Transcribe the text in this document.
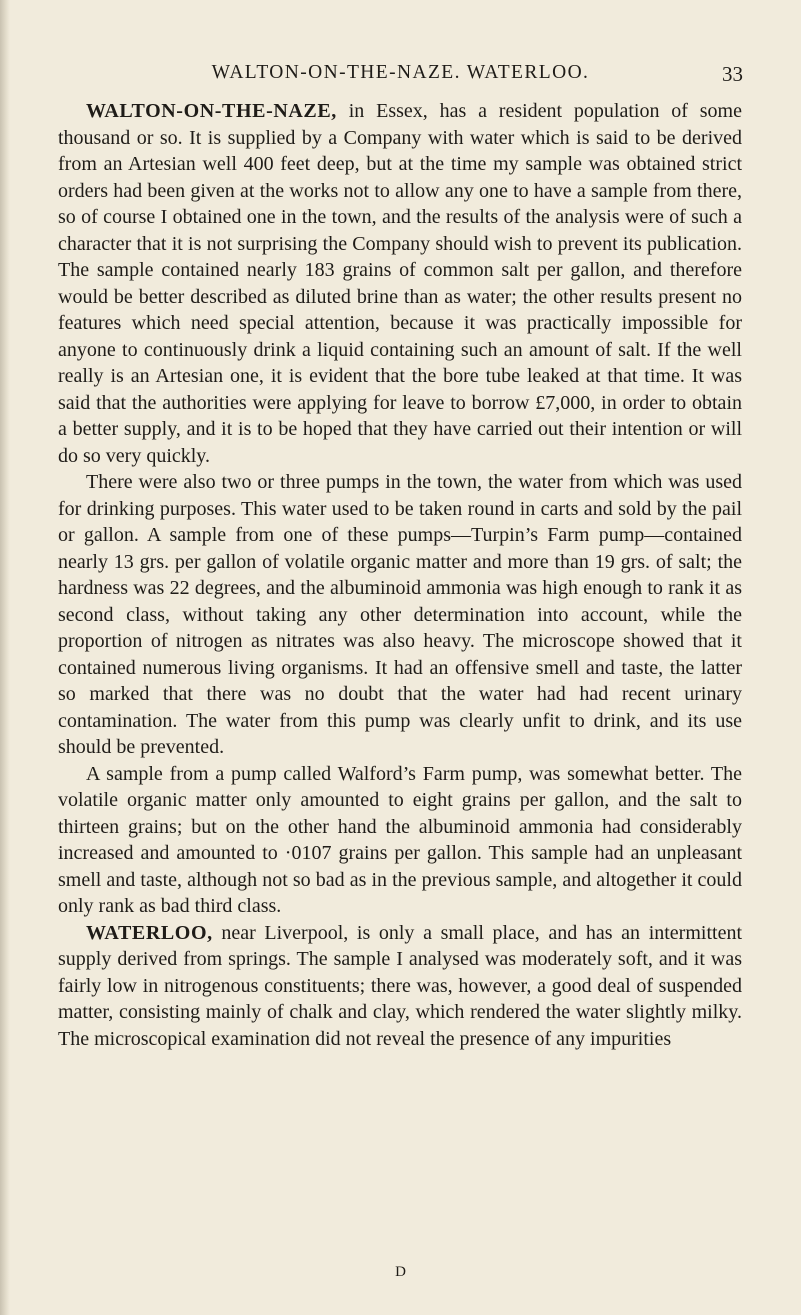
WALTON-ON-THE-NAZE. WATERLOO.	33

WALTON-ON-THE-NAZE, in Essex, has a resident population of some thousand or so. It is supplied by a Company with water which is said to be derived from an Artesian well 400 feet deep, but at the time my sample was obtained strict orders had been given at the works not to allow any one to have a sample from there, so of course I obtained one in the town, and the results of the analysis were of such a character that it is not surprising the Company should wish to prevent its publication. The sample contained nearly 183 grains of common salt per gallon, and therefore would be better described as diluted brine than as water; the other results present no features which need special attention, because it was practically impossible for anyone to continuously drink a liquid containing such an amount of salt. If the well really is an Artesian one, it is evident that the bore tube leaked at that time. It was said that the authorities were applying for leave to borrow £7,000, in order to obtain a better supply, and it is to be hoped that they have carried out their intention or will do so very quickly.

There were also two or three pumps in the town, the water from which was used for drinking purposes. This water used to be taken round in carts and sold by the pail or gallon. A sample from one of these pumps—Turpin’s Farm pump—contained nearly 13 grs. per gallon of volatile organic matter and more than 19 grs. of salt; the hardness was 22 degrees, and the albuminoid ammonia was high enough to rank it as second class, without taking any other determination into account, while the proportion of nitrogen as nitrates was also heavy. The microscope showed that it contained numerous living organisms. It had an offensive smell and taste, the latter so marked that there was no doubt that the water had had recent urinary contamination. The water from this pump was clearly unfit to drink, and its use should be prevented.

A sample from a pump called Walford’s Farm pump, was somewhat better. The volatile organic matter only amounted to eight grains per gallon, and the salt to thirteen grains; but on the other hand the albuminoid ammonia had considerably increased and amounted to ·0107 grains per gallon. This sample had an unpleasant smell and taste, although not so bad as in the previous sample, and altogether it could only rank as bad third class.

WATERLOO, near Liverpool, is only a small place, and has an intermittent supply derived from springs. The sample I analysed was moderately soft, and it was fairly low in nitrogenous constituents; there was, however, a good deal of suspended matter, consisting mainly of chalk and clay, which rendered the water slightly milky. The microscopical examination did not reveal the presence of any impurities

D
